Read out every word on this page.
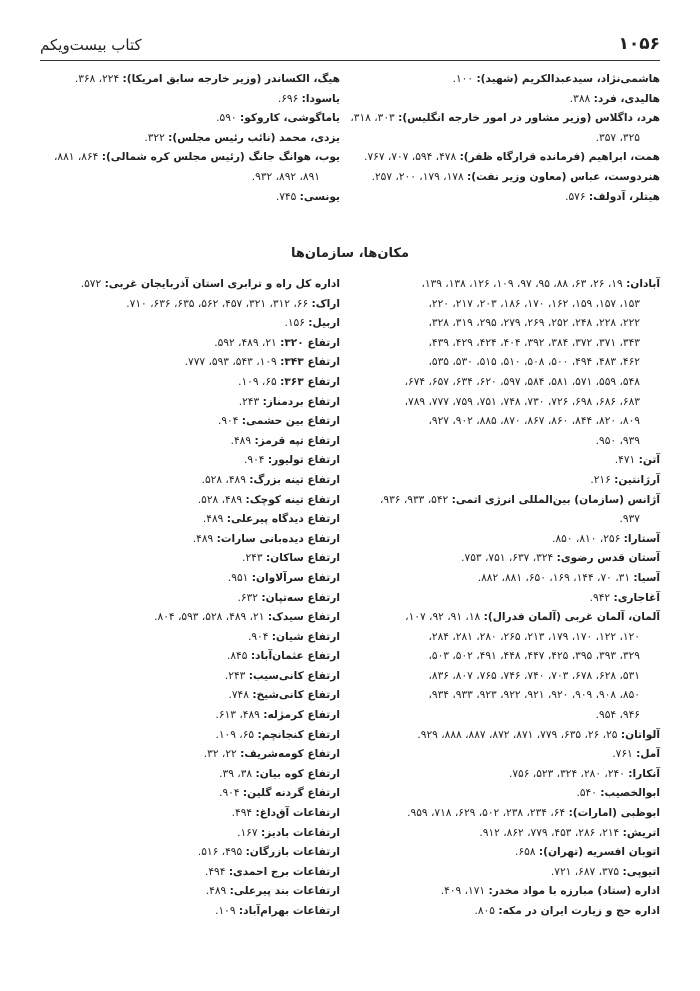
۱۰۵۶
کتاب بیست‌ویکم
هاشمی‌نژاد، سیدعبدالکریم (شهید): ۱۰۰.
هالیدی، فرد: ۳۸۸.
هرد، داگلاس (وزیر مشاور در امور خارجه انگلیس): ۳۰۳، ۳۱۸،
۳۲۵، ۳۵۷.
همت، ابراهیم (فرمانده قرارگاه ظفر): ۴۷۸، ۵۹۴، ۷۰۷، ۷۶۷.
هنردوست، عباس (معاون وزیر نفت): ۱۷۸، ۱۷۹، ۲۰۰، ۲۵۷.
هیتلر، آدولف: ۵۷۶.
هیگ، الکساندر (وزیر خارجه سابق امریکا): ۲۲۴، ۳۶۸.
یاسودا: ۶۹۶.
یاماگوشی، کاروکو: ۵۹۰.
یزدی، محمد (نائب رئیس مجلس): ۳۲۲.
یوب، هوانگ جانگ (رئیس مجلس کره شمالی): ۸۶۴، ۸۸۱،
۸۹۱، ۸۹۲، ۹۳۲.
یونسی: ۷۴۵.
مکان‌ها، سازمان‌ها
آبادان: ۱۹، ۲۶، ۶۳، ۸۸، ۹۵، ۹۷، ۱۰۹، ۱۲۶، ۱۳۸، ۱۳۹،
۱۵۳، ۱۵۷، ۱۵۹، ۱۶۲، ۱۷۰، ۱۸۶، ۲۰۳، ۲۱۷، ۲۲۰،
۲۲۲، ۲۲۸، ۲۴۸، ۲۵۲، ۲۶۹، ۲۷۹، ۲۹۵، ۳۱۹، ۳۲۸،
۳۴۳، ۳۷۱، ۳۷۲، ۳۸۴، ۳۹۲، ۴۰۴، ۴۲۴، ۴۲۹، ۴۳۹،
۴۶۲، ۴۸۳، ۴۹۴، ۵۰۰، ۵۰۸، ۵۱۰، ۵۱۵، ۵۳۰، ۵۳۵،
۵۴۸، ۵۵۹، ۵۷۱، ۵۸۱، ۵۸۴، ۵۹۷، ۶۲۰، ۶۳۴، ۶۵۷، ۶۷۴،
۶۸۳، ۶۸۶، ۶۹۸، ۷۲۶، ۷۳۰، ۷۴۸، ۷۵۱، ۷۵۹، ۷۷۷، ۷۸۹،
۸۰۹، ۸۲۰، ۸۴۴، ۸۶۰، ۸۶۷، ۸۷۰، ۸۸۵، ۹۰۲، ۹۲۷،
۹۳۹، ۹۵۰.
آتن: ۴۷۱.
آرژانتین: ۲۱۶.
آژانس (سازمان) بین‌المللی انرژی اتمی: ۵۴۲، ۹۳۳، ۹۳۶،
۹۳۷.
آستارا: ۲۵۶، ۸۱۰، ۸۵۰.
آستان قدس رضوی: ۳۲۴، ۶۳۷، ۷۵۱، ۷۵۳.
آسیا: ۳۱، ۷۰، ۱۴۴، ۱۶۹، ۶۵۰، ۸۸۱، ۸۸۲.
آغاجاری: ۹۴۲.
آلمان، آلمان غربی (آلمان فدرال): ۱۸، ۹۱، ۹۲، ۱۰۷،
۱۲۰، ۱۲۲، ۱۷۰، ۱۷۹، ۲۱۳، ۲۶۵، ۲۸۰، ۲۸۱، ۲۸۴،
۳۲۹، ۳۹۳، ۳۹۵، ۴۲۵، ۴۴۷، ۴۴۸، ۴۹۱، ۵۰۲، ۵۰۳،
۵۳۱، ۶۲۸، ۶۷۸، ۷۰۳، ۷۴۰، ۷۴۶، ۷۶۵، ۸۰۷، ۸۳۶،
۸۵۰، ۹۰۸، ۹۰۹، ۹۲۰، ۹۲۱، ۹۲۲، ۹۲۳، ۹۳۳، ۹۳۴،
۹۴۶، ۹۵۴.
آلواتان: ۲۵، ۲۶، ۶۳۵، ۷۷۹، ۸۷۱، ۸۷۲، ۸۸۷، ۸۸۸، ۹۲۹.
آمل: ۷۶۱.
آنکارا: ۲۴۰، ۲۸۰، ۳۲۴، ۵۲۳، ۷۵۶.
ابوالخصیب: ۵۴۰.
ابوظبی (امارات): ۶۴، ۲۳۴، ۲۳۸، ۵۰۲، ۶۲۹، ۷۱۸، ۹۵۹.
اتریش: ۲۱۴، ۲۸۶، ۴۵۳، ۷۷۹، ۸۶۲، ۹۱۲.
اتوبان افسریه (تهران): ۶۵۸.
اتیوپی: ۳۷۵، ۶۸۷، ۷۲۱.
اداره (ستاد) مبارزه با مواد مخدر: ۱۷۱، ۴۰۹.
اداره حج و زیارت ایران در مکه: ۸۰۵.
اداره کل راه و ترابری استان آذربایجان غربی: ۵۷۲.
اراک: ۶۶، ۳۱۲، ۳۲۱، ۴۵۷، ۵۶۲، ۶۳۵، ۶۳۶، ۷۱۰.
اربیل: ۱۵۶.
ارتفاع ۳۲۰: ۲۱، ۴۸۹، ۵۹۲.
ارتفاع ۳۴۳: ۱۰۹، ۵۴۳، ۵۹۳، ۷۷۷.
ارتفاع ۳۶۳: ۶۵، ۱۰۹.
ارتفاع بردمناز: ۲۴۳.
ارتفاع بین حشمی: ۹۰۴.
ارتفاع تپه قرمز: ۴۸۹.
ارتفاع تولیور: ۹۰۴.
ارتفاع تینه بزرگ: ۴۸۹، ۵۲۸.
ارتفاع تینه کوچک: ۴۸۹، ۵۲۸.
ارتفاع دیدگاه پیرعلی: ۴۸۹.
ارتفاع دیده‌بانی سارات: ۴۸۹.
ارتفاع ساکان: ۲۴۳.
ارتفاع سرآلاوان: ۹۵۱.
ارتفاع سه‌تپان: ۶۳۲.
ارتفاع سیدک: ۲۱، ۴۸۹، ۵۲۸، ۵۹۳، ۸۰۴.
ارتفاع شیان: ۹۰۴.
ارتفاع عثمان‌آباد: ۸۴۵.
ارتفاع کانی‌سیب: ۲۴۳.
ارتفاع کانی‌شیخ: ۷۴۸.
ارتفاع کرمژله: ۴۸۹، ۶۱۳.
ارتفاع کنجانچم: ۶۵، ۱۰۹.
ارتفاع کومه‌شریف: ۲۲، ۳۲.
ارتفاع کوه بیان: ۳۸، ۳۹.
ارتفاع گردنه گلین: ۹۰۴.
ارتفاعات آق‌داغ: ۴۹۴.
ارتفاعات بادیز: ۱۶۷.
ارتفاعات بازرگان: ۴۹۵، ۵۱۶.
ارتفاعات برج احمدی: ۴۹۴.
ارتفاعات بند پیرعلی: ۴۸۹.
ارتفاعات بهرام‌آباد: ۱۰۹.
